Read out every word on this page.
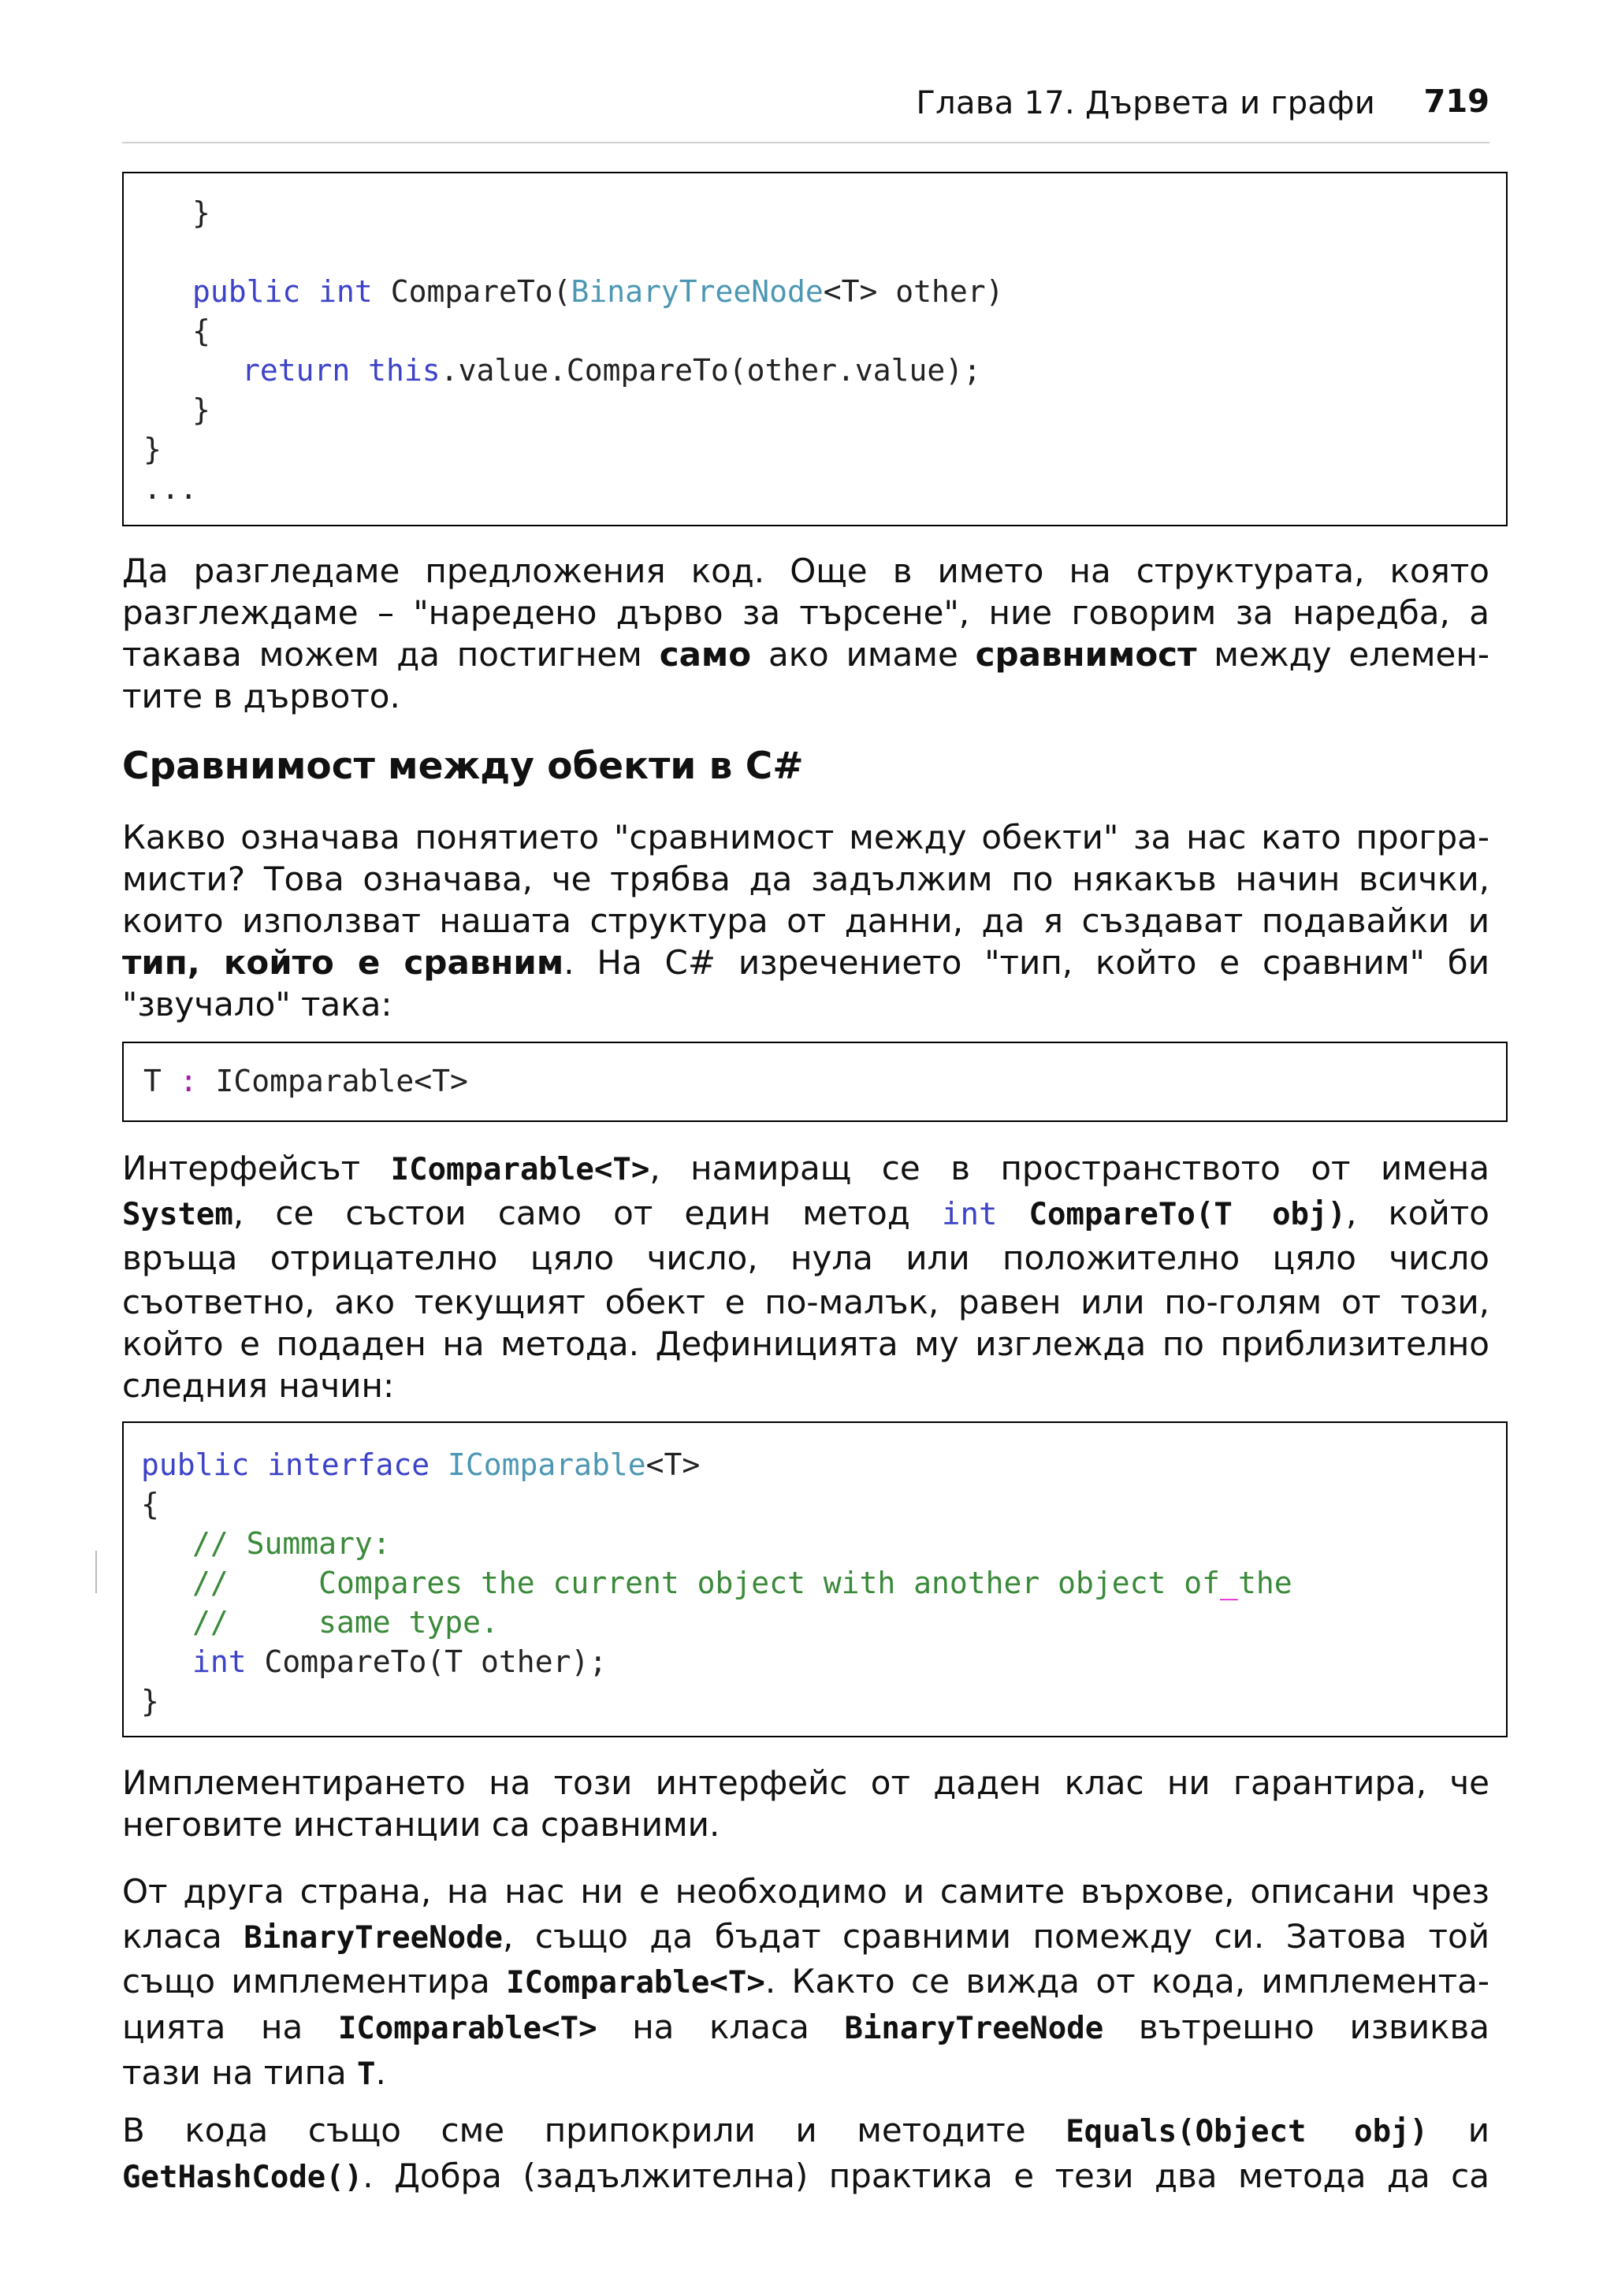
Глава 17. Дървета и графи 719
}
public int CompareTo(BinaryTreeNode<T> other)
{
return this.value.CompareTo(other.value);
}
}
...
Да разгледаме предложения код. Още в името на структурата, която
разглеждаме – "наредено дърво за търсене", ние говорим за наредба, а
такава можем да постигнем само ако имаме сравнимост между елемен-
тите в дървото.
Сравнимост между обекти в C#
Какво означава понятието "сравнимост между обекти" за нас като програ-
мисти? Това означава, че трябва да задължим по някакъв начин всички,
които използват нашата структура от данни, да я създават подавайки и
тип, който е сравним. На C# изречението "тип, който е сравним" би
"звучало" така:
T : IComparable<T>
Интерфейсът IComparable<T>, намиращ се в пространството от имена
System, се състои само от един метод int CompareTo(T obj), който
връща отрицателно цяло число, нула или положително цяло число
съответно, ако текущият обект е по-малък, равен или по-голям от този,
който е подаден на метода. Дефиницията му изглежда по приблизително
следния начин:
public interface IComparable<T>
{
// Summary:
//     Compares the current object with another object of_the
//     same type.
int CompareTo(T other);
}
Имплементирането на този интерфейс от даден клас ни гарантира, че
неговите инстанции са сравними.
От друга страна, на нас ни е необходимо и самите върхове, описани чрез
класа BinaryTreeNode, също да бъдат сравними помежду си. Затова той
също имплементира IComparable<T>. Както се вижда от кода, имплемента-
цията на IComparable<T> на класа BinaryTreeNode вътрешно извиква
тази на типа T.
В кода също сме припокрили и методите Equals(Object obj) и
GetHashCode(). Добра (задължителна) практика е тези два метода да са
